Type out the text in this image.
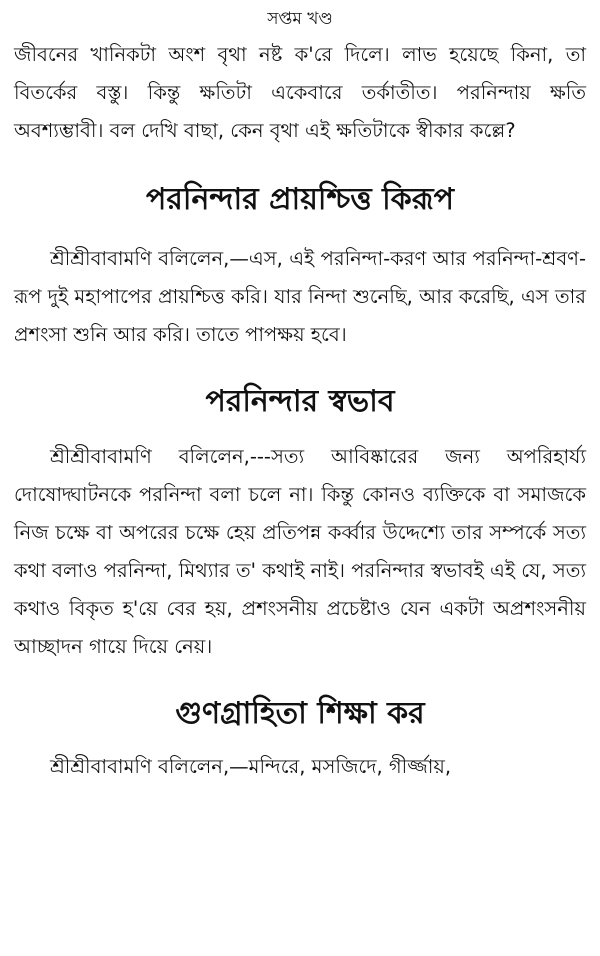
সপ্তম খণ্ড

জীবনের খানিকটা অংশ বৃথা নষ্ট ক'রে দিলে। লাভ হয়েছে কিনা, তা বিতর্কের বস্তু। কিন্তু ক্ষতিটা একেবারে তর্কাতীত। পরনিন্দায় ক্ষতি অবশ্যম্ভাবী। বল দেখি বাছা, কেন বৃথা এই ক্ষতিটাকে স্বীকার কল্লে?

পরনিন্দার প্রায়শ্চিত্ত কিরূপ

শ্রীশ্রীবাবামণি বলিলেন,—এস, এই পরনিন্দা-করণ আর পরনিন্দা-শ্রবণ-রূপ দুই মহাপাপের প্রায়শ্চিত্ত করি। যার নিন্দা শুনেছি, আর করেছি, এস তার প্রশংসা শুনি আর করি। তাতে পাপক্ষয় হবে।

পরনিন্দার স্বভাব

শ্রীশ্রীবাবামণি বলিলেন,---সত্য আবিষ্কারের জন্য অপরিহার্য্য দোষোদ্ঘাটনকে পরনিন্দা বলা চলে না। কিন্তু কোনও ব্যক্তিকে বা সমাজকে নিজ চক্ষে বা অপরের চক্ষে হেয় প্রতিপন্ন কর্ব্বার উদ্দেশ্যে তার সম্পর্কে সত্য কথা বলাও পরনিন্দা, মিথ্যার ত' কথাই নাই। পরনিন্দার স্বভাবই এই যে, সত্য কথাও বিকৃত হ'য়ে বের হয়, প্রশংসনীয় প্রচেষ্টাও যেন একটা অপ্রশংসনীয় আচ্ছাদন গায়ে দিয়ে নেয়।

গুণগ্রাহিতা শিক্ষা কর

শ্রীশ্রীবাবামণি বলিলেন,—মন্দিরে, মসজিদে, গীর্জ্জায়,
